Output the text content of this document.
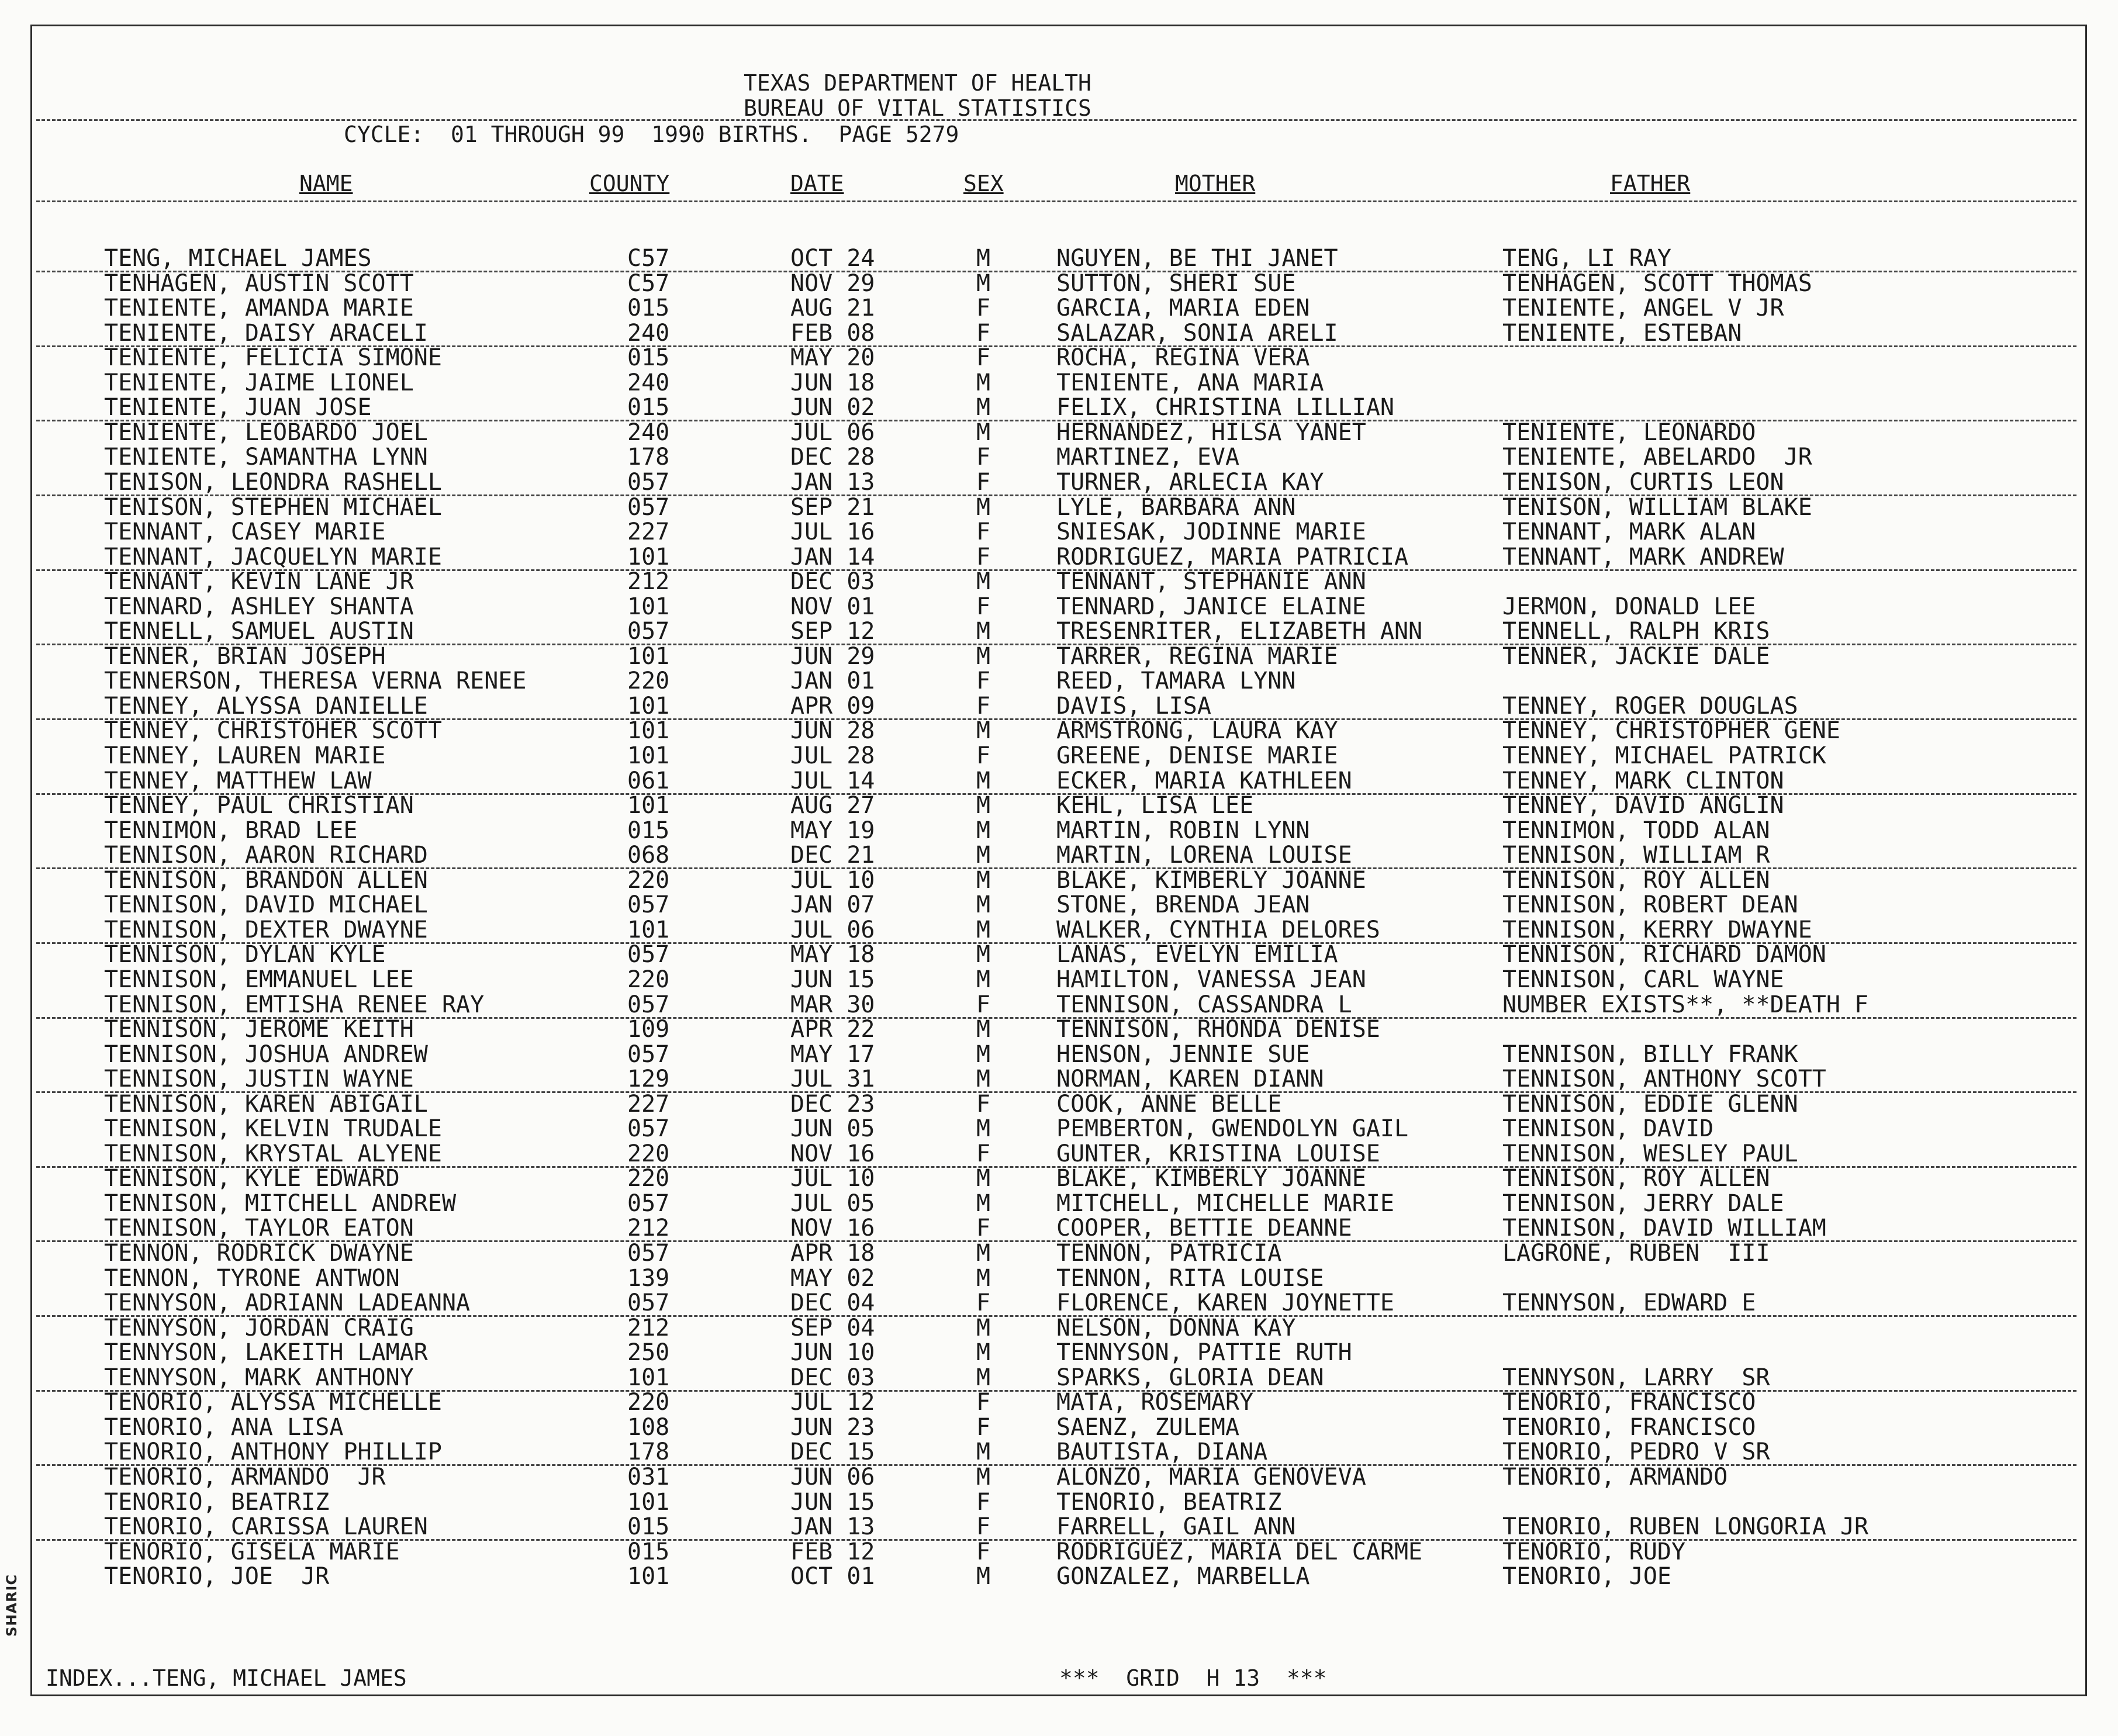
SHARIC
TEXAS DEPARTMENT OF HEALTH
BUREAU OF VITAL STATISTICS
CYCLE:  01 THROUGH 99  1990 BIRTHS.  PAGE 5279
NAME	COUNTY	DATE	SEX	MOTHER	FATHER
TENG, MICHAEL JAMES	C57	OCT 24	M	NGUYEN, BE THI JANET	TENG, LI RAY
TENHAGEN, AUSTIN SCOTT	C57	NOV 29	M	SUTTON, SHERI SUE	TENHAGEN, SCOTT THOMAS
TENIENTE, AMANDA MARIE	015	AUG 21	F	GARCIA, MARIA EDEN	TENIENTE, ANGEL V JR
TENIENTE, DAISY ARACELI	240	FEB 08	F	SALAZAR, SONIA ARELI	TENIENTE, ESTEBAN
TENIENTE, FELICIA SIMONE	015	MAY 20	F	ROCHA, REGINA VERA
TENIENTE, JAIME LIONEL	240	JUN 18	M	TENIENTE, ANA MARIA
TENIENTE, JUAN JOSE	015	JUN 02	M	FELIX, CHRISTINA LILLIAN
TENIENTE, LEOBARDO JOEL	240	JUL 06	M	HERNANDEZ, HILSA YANET	TENIENTE, LEONARDO
TENIENTE, SAMANTHA LYNN	178	DEC 28	F	MARTINEZ, EVA	TENIENTE, ABELARDO  JR
TENISON, LEONDRA RASHELL	057	JAN 13	F	TURNER, ARLECIA KAY	TENISON, CURTIS LEON
TENISON, STEPHEN MICHAEL	057	SEP 21	M	LYLE, BARBARA ANN	TENISON, WILLIAM BLAKE
TENNANT, CASEY MARIE	227	JUL 16	F	SNIESAK, JODINNE MARIE	TENNANT, MARK ALAN
TENNANT, JACQUELYN MARIE	101	JAN 14	F	RODRIGUEZ, MARIA PATRICIA	TENNANT, MARK ANDREW
TENNANT, KEVIN LANE JR	212	DEC 03	M	TENNANT, STEPHANIE ANN
TENNARD, ASHLEY SHANTA	101	NOV 01	F	TENNARD, JANICE ELAINE	JERMON, DONALD LEE
TENNELL, SAMUEL AUSTIN	057	SEP 12	M	TRESENRITER, ELIZABETH ANN	TENNELL, RALPH KRIS
TENNER, BRIAN JOSEPH	101	JUN 29	M	TARRER, REGINA MARIE	TENNER, JACKIE DALE
TENNERSON, THERESA VERNA RENEE	220	JAN 01	F	REED, TAMARA LYNN
TENNEY, ALYSSA DANIELLE	101	APR 09	F	DAVIS, LISA	TENNEY, ROGER DOUGLAS
TENNEY, CHRISTOHER SCOTT	101	JUN 28	M	ARMSTRONG, LAURA KAY	TENNEY, CHRISTOPHER GENE
TENNEY, LAUREN MARIE	101	JUL 28	F	GREENE, DENISE MARIE	TENNEY, MICHAEL PATRICK
TENNEY, MATTHEW LAW	061	JUL 14	M	ECKER, MARIA KATHLEEN	TENNEY, MARK CLINTON
TENNEY, PAUL CHRISTIAN	101	AUG 27	M	KEHL, LISA LEE	TENNEY, DAVID ANGLIN
TENNIMON, BRAD LEE	015	MAY 19	M	MARTIN, ROBIN LYNN	TENNIMON, TODD ALAN
TENNISON, AARON RICHARD	068	DEC 21	M	MARTIN, LORENA LOUISE	TENNISON, WILLIAM R
TENNISON, BRANDON ALLEN	220	JUL 10	M	BLAKE, KIMBERLY JOANNE	TENNISON, ROY ALLEN
TENNISON, DAVID MICHAEL	057	JAN 07	M	STONE, BRENDA JEAN	TENNISON, ROBERT DEAN
TENNISON, DEXTER DWAYNE	101	JUL 06	M	WALKER, CYNTHIA DELORES	TENNISON, KERRY DWAYNE
TENNISON, DYLAN KYLE	057	MAY 18	M	LANAS, EVELYN EMILIA	TENNISON, RICHARD DAMON
TENNISON, EMMANUEL LEE	220	JUN 15	M	HAMILTON, VANESSA JEAN	TENNISON, CARL WAYNE
TENNISON, EMTISHA RENEE RAY	057	MAR 30	F	TENNISON, CASSANDRA L	NUMBER EXISTS**, **DEATH F
TENNISON, JEROME KEITH	109	APR 22	M	TENNISON, RHONDA DENISE
TENNISON, JOSHUA ANDREW	057	MAY 17	M	HENSON, JENNIE SUE	TENNISON, BILLY FRANK
TENNISON, JUSTIN WAYNE	129	JUL 31	M	NORMAN, KAREN DIANN	TENNISON, ANTHONY SCOTT
TENNISON, KAREN ABIGAIL	227	DEC 23	F	COOK, ANNE BELLE	TENNISON, EDDIE GLENN
TENNISON, KELVIN TRUDALE	057	JUN 05	M	PEMBERTON, GWENDOLYN GAIL	TENNISON, DAVID
TENNISON, KRYSTAL ALYENE	220	NOV 16	F	GUNTER, KRISTINA LOUISE	TENNISON, WESLEY PAUL
TENNISON, KYLE EDWARD	220	JUL 10	M	BLAKE, KIMBERLY JOANNE	TENNISON, ROY ALLEN
TENNISON, MITCHELL ANDREW	057	JUL 05	M	MITCHELL, MICHELLE MARIE	TENNISON, JERRY DALE
TENNISON, TAYLOR EATON	212	NOV 16	F	COOPER, BETTIE DEANNE	TENNISON, DAVID WILLIAM
TENNON, RODRICK DWAYNE	057	APR 18	M	TENNON, PATRICIA	LAGRONE, RUBEN  III
TENNON, TYRONE ANTWON	139	MAY 02	M	TENNON, RITA LOUISE
TENNYSON, ADRIANN LADEANNA	057	DEC 04	F	FLORENCE, KAREN JOYNETTE	TENNYSON, EDWARD E
TENNYSON, JORDAN CRAIG	212	SEP 04	M	NELSON, DONNA KAY
TENNYSON, LAKEITH LAMAR	250	JUN 10	M	TENNYSON, PATTIE RUTH
TENNYSON, MARK ANTHONY	101	DEC 03	M	SPARKS, GLORIA DEAN	TENNYSON, LARRY  SR
TENORIO, ALYSSA MICHELLE	220	JUL 12	F	MATA, ROSEMARY	TENORIO, FRANCISCO
TENORIO, ANA LISA	108	JUN 23	F	SAENZ, ZULEMA	TENORIO, FRANCISCO
TENORIO, ANTHONY PHILLIP	178	DEC 15	M	BAUTISTA, DIANA	TENORIO, PEDRO V SR
TENORIO, ARMANDO  JR	031	JUN 06	M	ALONZO, MARIA GENOVEVA	TENORIO, ARMANDO
TENORIO, BEATRIZ	101	JUN 15	F	TENORIO, BEATRIZ
TENORIO, CARISSA LAUREN	015	JAN 13	F	FARRELL, GAIL ANN	TENORIO, RUBEN LONGORIA JR
TENORIO, GISELA MARIE	015	FEB 12	F	RODRIGUEZ, MARIA DEL CARME	TENORIO, RUDY
TENORIO, JOE  JR	101	OCT 01	M	GONZALEZ, MARBELLA	TENORIO, JOE
INDEX...TENG, MICHAEL JAMES	***  GRID  H 13  ***
